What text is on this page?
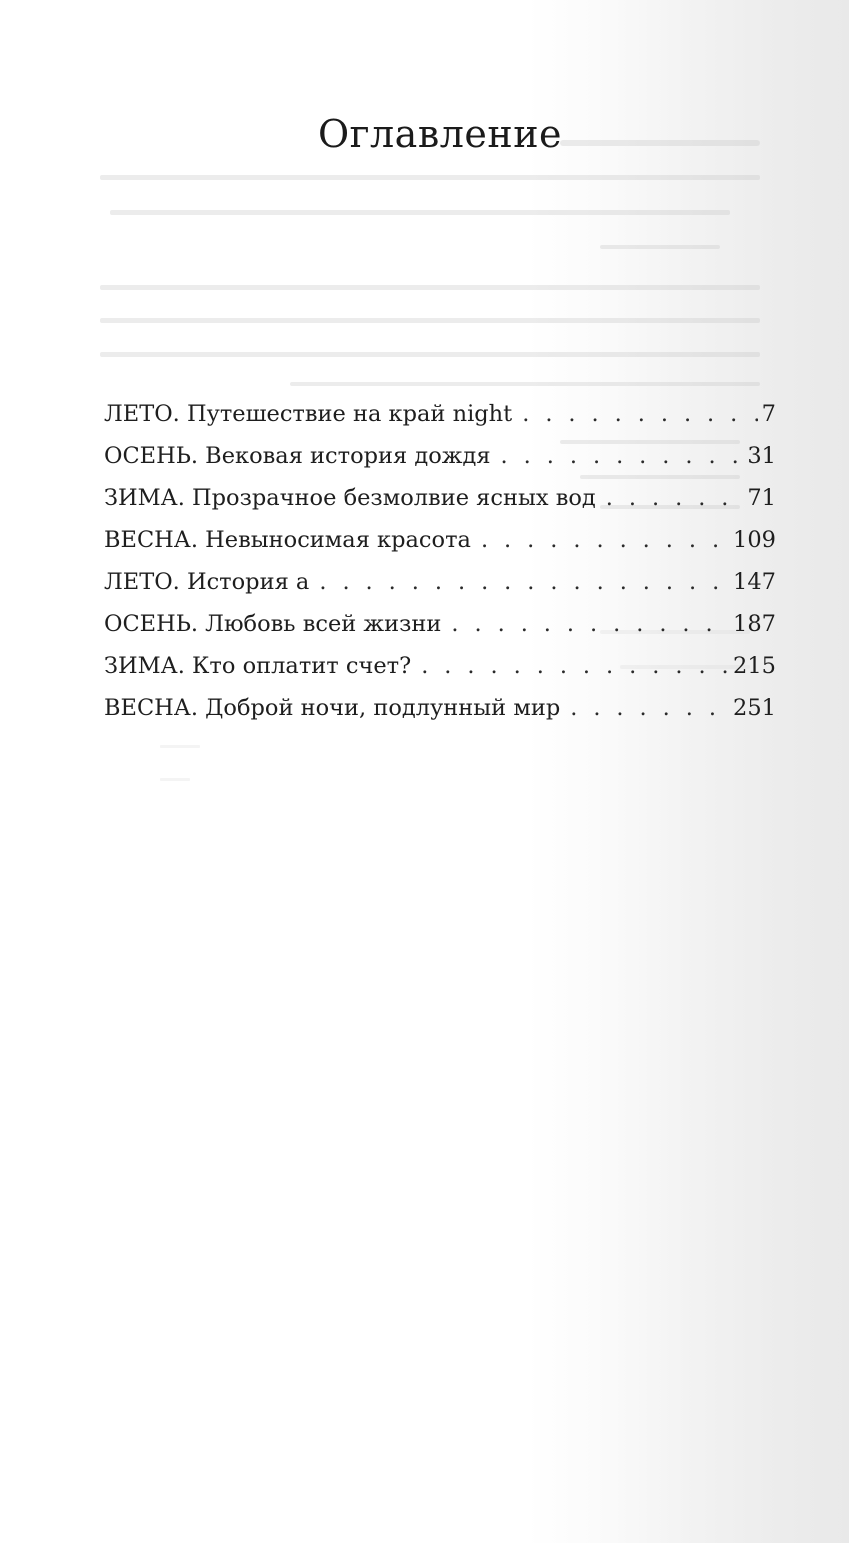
Оглавление
ЛЕТО. Путешествие на край night . . .	7
ОСЕНЬ. Вековая история дождя . . .	31
ЗИМА. Прозрачное безмолвие ясных вод . . .	71
ВЕСНА. Невыносимая красота . . .	109
ЛЕТО. История а . . .	147
ОСЕНЬ. Любовь всей жизни . . .	187
ЗИМА. Кто оплатит счет? . . .	215
ВЕСНА. Доброй ночи, подлунный мир . . .	251
